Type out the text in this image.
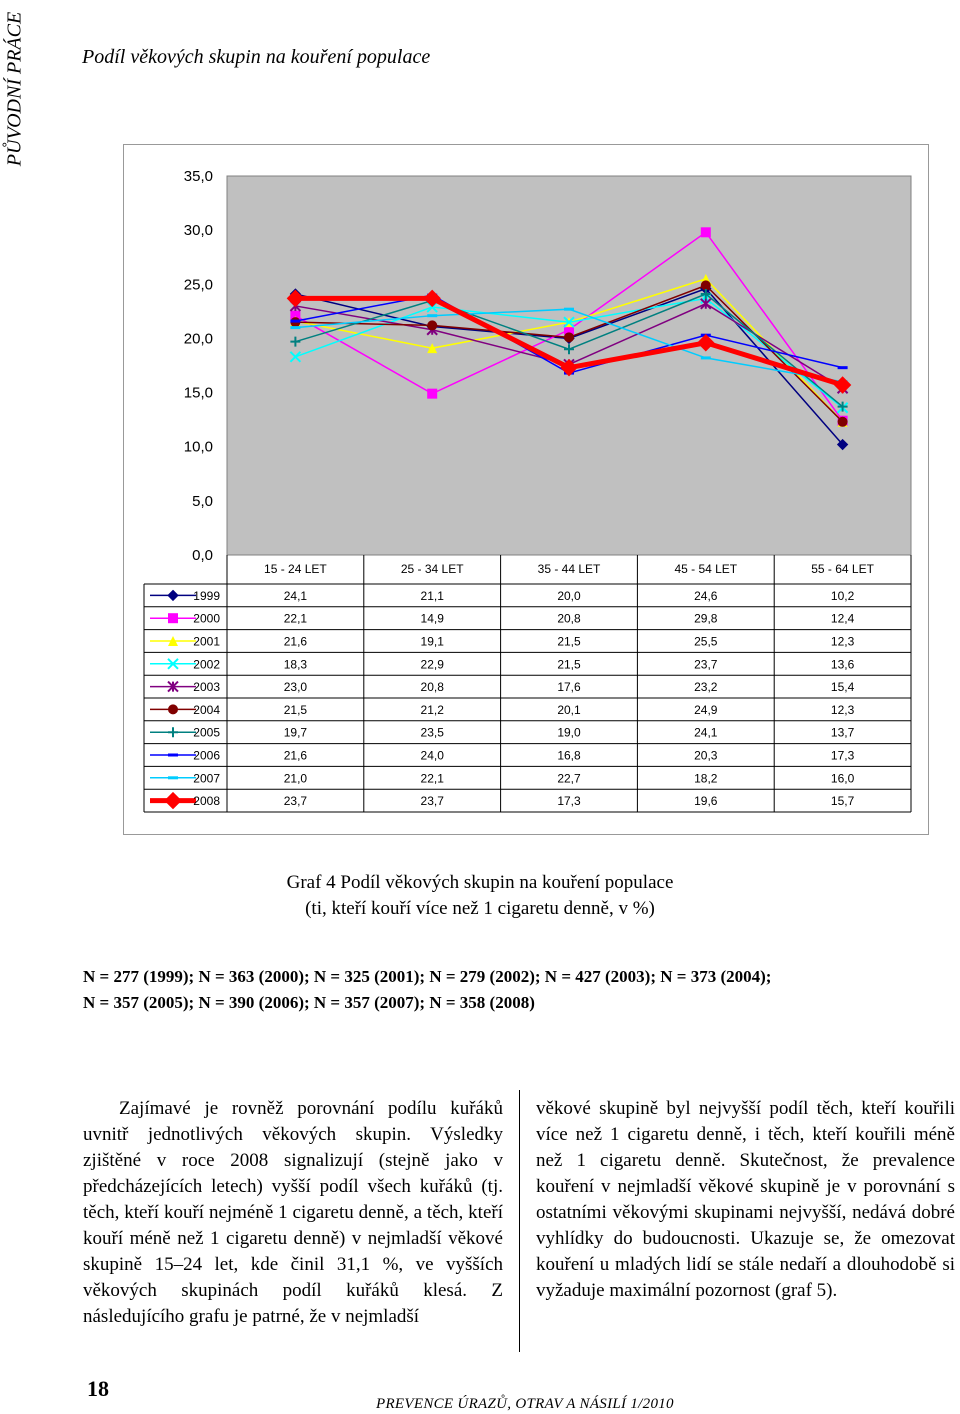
PŮVODNÍ PRÁCE	Podíl věkových skupin na kouření populace
0,0
5,0
10,0
15,0
20,0
25,0
30,0
35,0
15 - 24 LET	25 - 34 LET	35 - 44 LET	45 - 54 LET	55 - 64 LET
1999	24,1	21,1	20,0	24,6	10,2
2000	22,1	14,9	20,8	29,8	12,4
2001	21,6	19,1	21,5	25,5	12,3
2002	18,3	22,9	21,5	23,7	13,6
2003	23,0	20,8	17,6	23,2	15,4
2004	21,5	21,2	20,1	24,9	12,3
2005	19,7	23,5	19,0	24,1	13,7
2006	21,6	24,0	16,8	20,3	17,3
2007	21,0	22,1	22,7	18,2	16,0
2008	23,7	23,7	17,3	19,6	15,7
Graf 4 Podíl věkových skupin na kouření populace
(ti, kteří kouří více než 1 cigaretu denně, v %)
N = 277 (1999); N = 363 (2000); N = 325 (2001); N = 279 (2002); N = 427 (2003); N = 373 (2004);
N = 357 (2005); N = 390 (2006); N = 357 (2007); N = 358 (2008)

Zajímavé je rovněž porovnání podílu kuřáků uvnitř jednotlivých věkových skupin. Výsledky zjištěné v roce 2008 signalizují (stejně jako v předcházejících letech) vyšší podíl všech kuřáků (tj. těch, kteří kouří nejméně 1 cigaretu denně, a těch, kteří kouří méně než 1 cigaretu denně) v nejmladší věkové skupině 15–24 let, kde činil 31,1 %, ve vyšších věkových skupinách podíl kuřáků klesá. Z následujícího grafu je patrné, že v nejmladší

věkové skupině byl nejvyšší podíl těch, kteří kouřili více než 1 cigaretu denně, i těch, kteří kouřili méně než 1 cigaretu denně. Skutečnost, že prevalence kouření v nejmladší věkové skupině je v porovnání s ostatními věkovými skupinami nejvyšší, nedává dobré vyhlídky do budoucnosti. Ukazuje se, že omezovat kouření u mladých lidí se stále nedaří a dlouhodobě si vyžaduje maximální pozornost (graf 5).

18
PREVENCE ÚRAZŮ, OTRAV A NÁSILÍ 1/2010
